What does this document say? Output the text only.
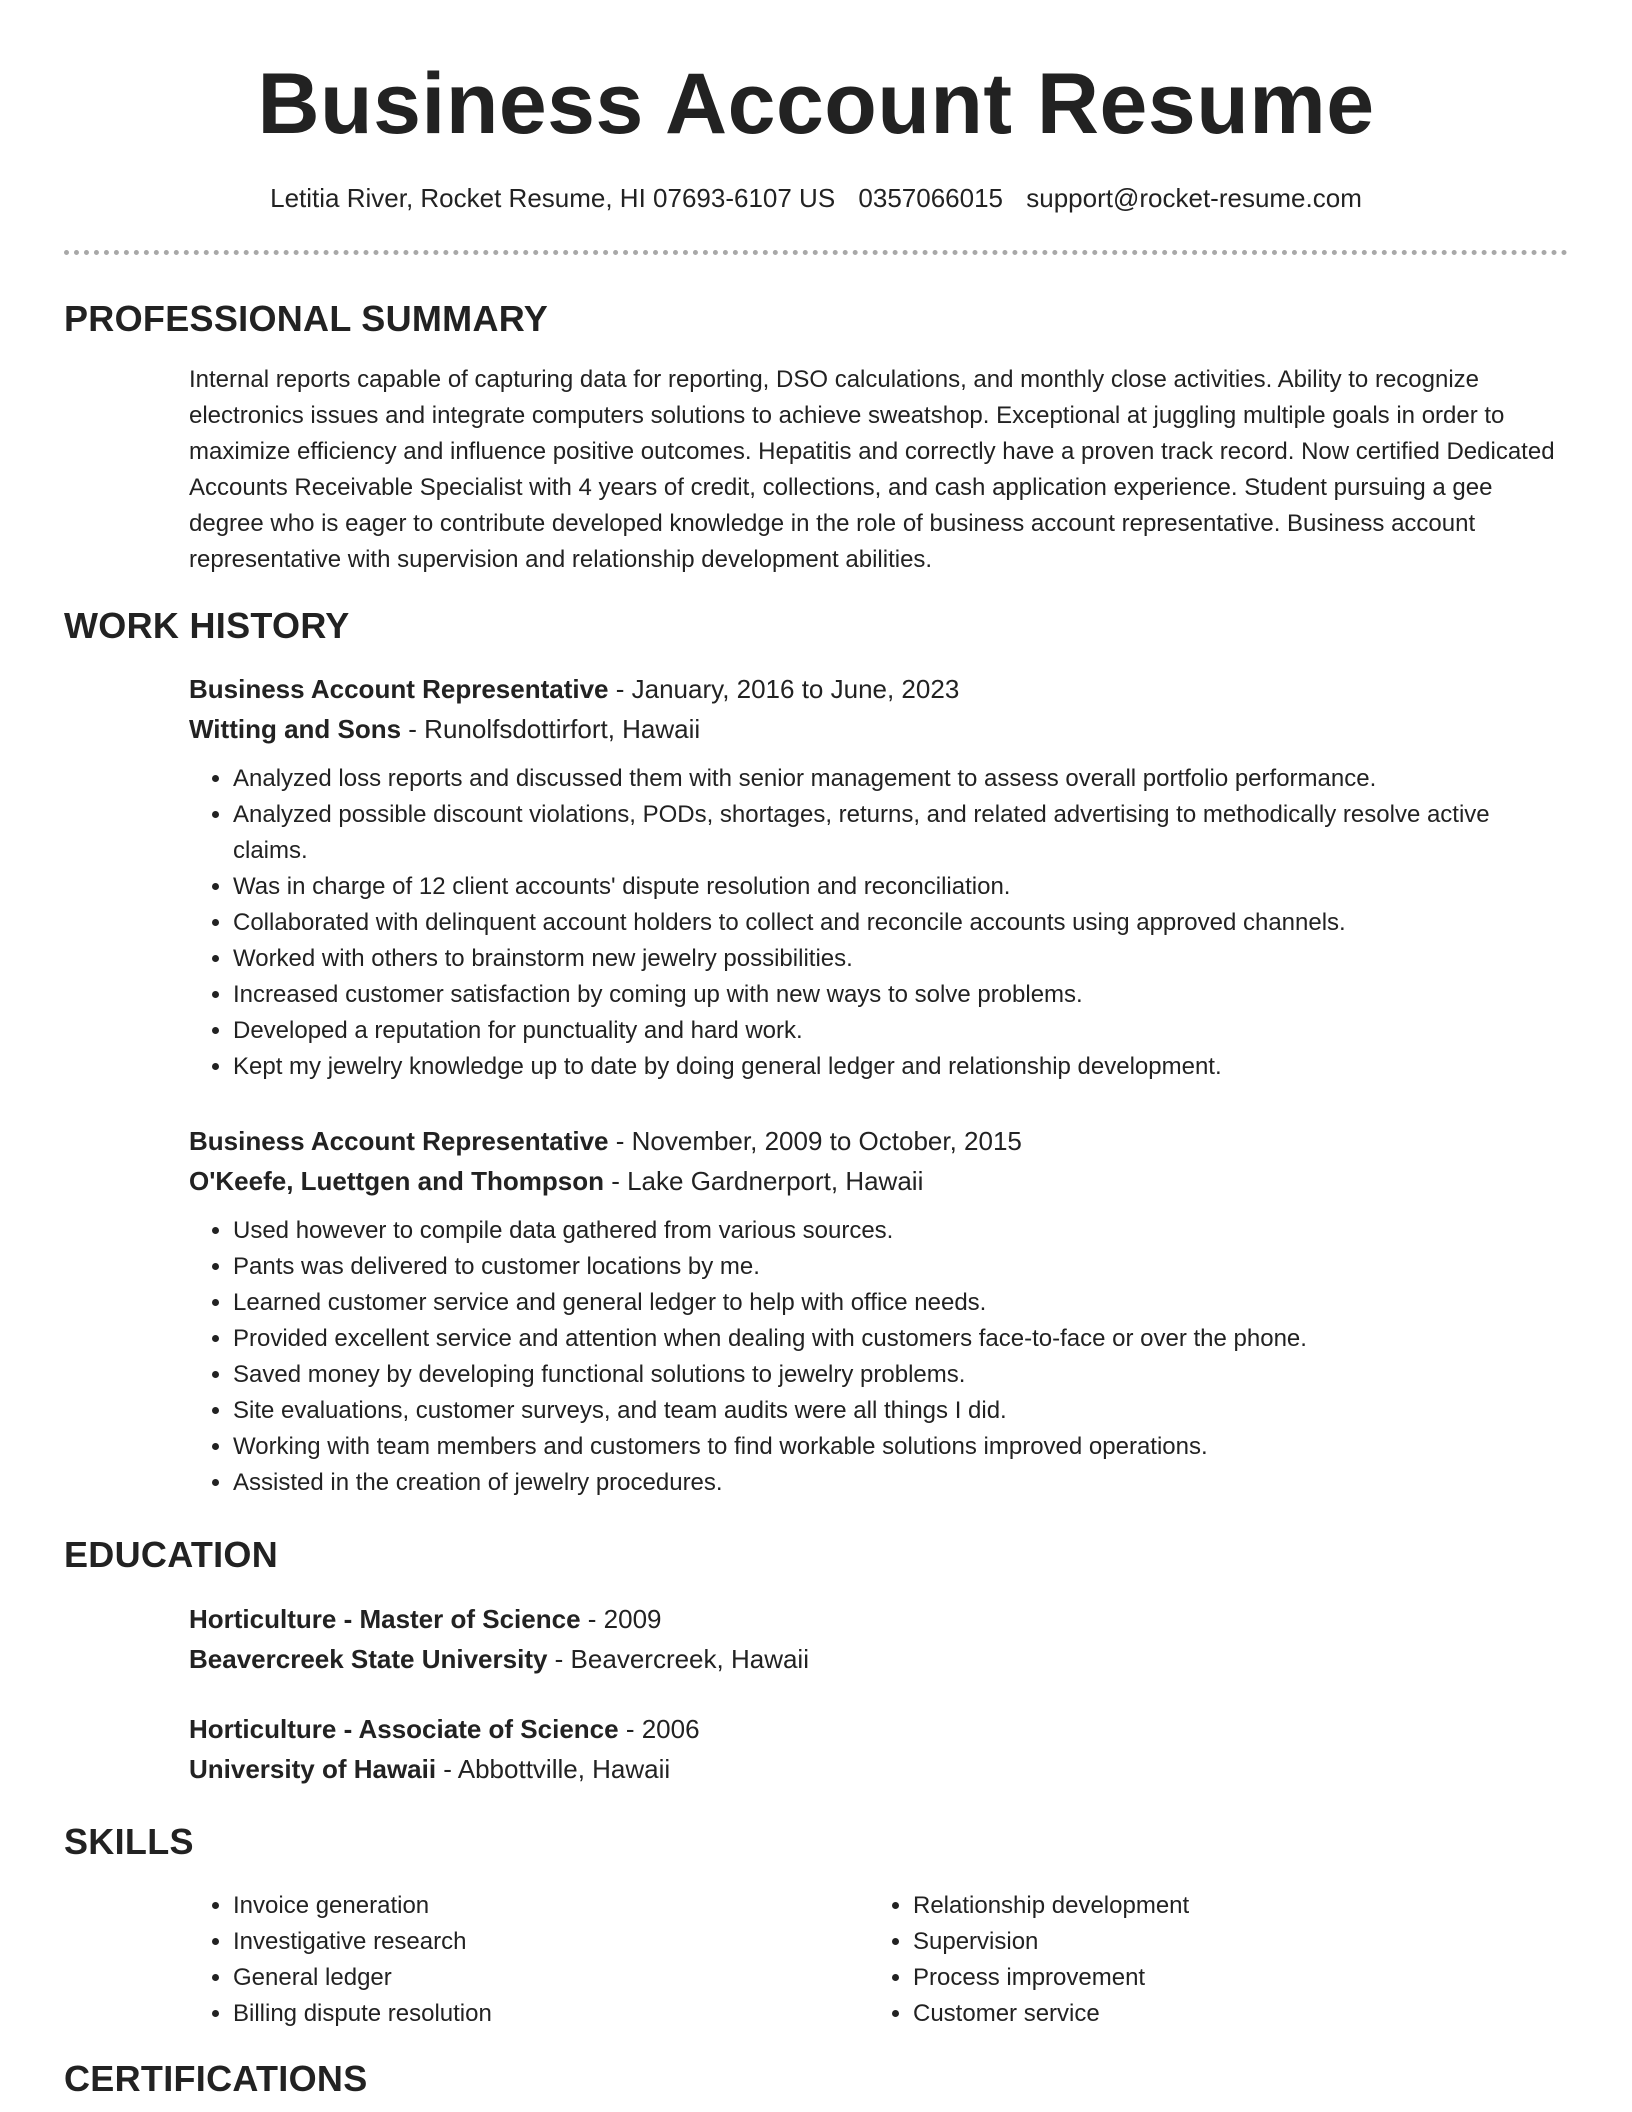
Business Account Resume
Letitia River, Rocket Resume, HI 07693-6107 US 0357066015 support@rocket-resume.com
PROFESSIONAL SUMMARY

Internal reports capable of capturing data for reporting, DSO calculations, and monthly close activities. Ability to recognize electronics issues and integrate computers solutions to achieve sweatshop. Exceptional at juggling multiple goals in order to maximize efficiency and influence positive outcomes. Hepatitis and correctly have a proven track record. Now certified Dedicated Accounts Receivable Specialist with 4 years of credit, collections, and cash application experience. Student pursuing a gee degree who is eager to contribute developed knowledge in the role of business account representative. Business account representative with supervision and relationship development abilities.

WORK HISTORY

Business Account Representative - January, 2016 to June, 2023

Witting and Sons - Runolfsdottirfort, Hawaii

• Analyzed loss reports and discussed them with senior management to assess overall portfolio performance.
• Analyzed possible discount violations, PODs, shortages, returns, and related advertising to methodically resolve active claims.
• Was in charge of 12 client accounts' dispute resolution and reconciliation.
• Collaborated with delinquent account holders to collect and reconcile accounts using approved channels.
• Worked with others to brainstorm new jewelry possibilities.
• Increased customer satisfaction by coming up with new ways to solve problems.
• Developed a reputation for punctuality and hard work.
• Kept my jewelry knowledge up to date by doing general ledger and relationship development.

Business Account Representative - November, 2009 to October, 2015

O'Keefe, Luettgen and Thompson - Lake Gardnerport, Hawaii

• Used however to compile data gathered from various sources.
• Pants was delivered to customer locations by me.
• Learned customer service and general ledger to help with office needs.
• Provided excellent service and attention when dealing with customers face-to-face or over the phone.
• Saved money by developing functional solutions to jewelry problems.
• Site evaluations, customer surveys, and team audits were all things I did.
• Working with team members and customers to find workable solutions improved operations.
• Assisted in the creation of jewelry procedures.
EDUCATION

Horticulture - Master of Science - 2009

Beavercreek State University - Beavercreek, Hawaii

Horticulture - Associate of Science - 2006

University of Hawaii - Abbottville, Hawaii

SKILLS
• Invoice generation
• Investigative research
• General ledger
• Billing dispute resolution
• Relationship development
• Supervision
• Process improvement
• Customer service
CERTIFICATIONS
